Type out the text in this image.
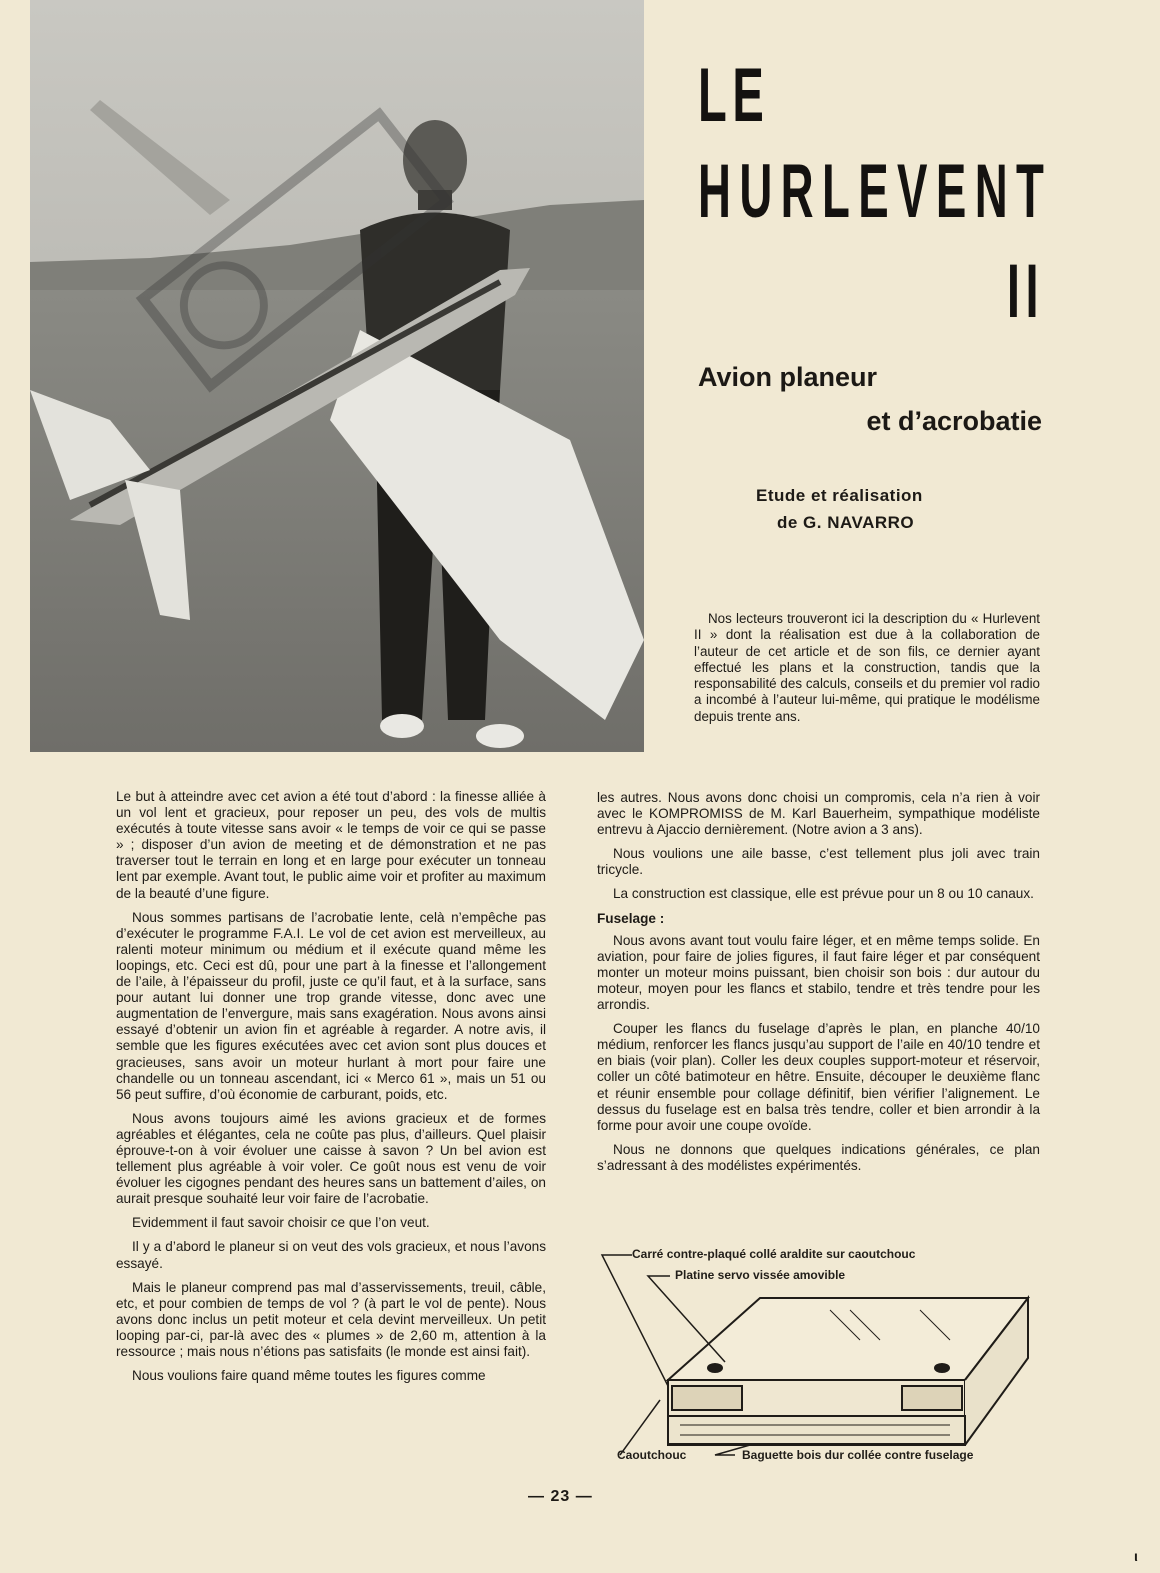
LE
HURLEVENT
II
Avion planeur
et d’acrobatie
Etude et réalisation
de G. NAVARRO
Nos lecteurs trouveront ici la description du « Hurlevent II » dont la réalisation est due à la collaboration de l’auteur de cet article et de son fils, ce dernier ayant effectué les plans et la construction, tandis que la responsabilité des calculs, conseils et du premier vol radio a incombé à l’auteur lui-même, qui pratique le modélisme depuis trente ans.

Le but à atteindre avec cet avion a été tout d’abord : la finesse alliée à un vol lent et gracieux, pour reposer un peu, des vols de multis exécutés à toute vitesse sans avoir « le temps de voir ce qui se passe » ; disposer d’un avion de meeting et de démonstration et ne pas traverser tout le terrain en long et en large pour exécuter un tonneau lent par exemple. Avant tout, le public aime voir et profiter au maximum de la beauté d’une figure.

Nous sommes partisans de l’acrobatie lente, celà n’empêche pas d’exécuter le programme F.A.I. Le vol de cet avion est merveilleux, au ralenti moteur minimum ou médium et il exécute quand même les loopings, etc. Ceci est dû, pour une part à la finesse et l’allongement de l’aile, à l’épaisseur du profil, juste ce qu’il faut, et à la surface, sans pour autant lui donner une trop grande vitesse, donc avec une augmentation de l’envergure, mais sans exagération. Nous avons ainsi essayé d’obtenir un avion fin et agréable à regarder. A notre avis, il semble que les figures exécutées avec cet avion sont plus douces et gracieuses, sans avoir un moteur hurlant à mort pour faire une chandelle ou un tonneau ascendant, ici « Merco 61 », mais un 51 ou 56 peut suffire, d’où économie de carburant, poids, etc.

Nous avons toujours aimé les avions gracieux et de formes agréables et élégantes, cela ne coûte pas plus, d’ailleurs. Quel plaisir éprouve-t-on à voir évoluer une caisse à savon ? Un bel avion est tellement plus agréable à voir voler. Ce goût nous est venu de voir évoluer les cigognes pendant des heures sans un battement d’ailes, on aurait presque souhaité leur voir faire de l’acrobatie.

Evidemment il faut savoir choisir ce que l’on veut.

Il y a d’abord le planeur si on veut des vols gracieux, et nous l’avons essayé.

Mais le planeur comprend pas mal d’asservissements, treuil, câble, etc, et pour combien de temps de vol ? (à part le vol de pente). Nous avons donc inclus un petit moteur et cela devint merveilleux. Un petit looping par-ci, par-là avec des « plumes » de 2,60 m, attention à la ressource ; mais nous n’étions pas satisfaits (le monde est ainsi fait).

Nous voulions faire quand même toutes les figures comme

les autres. Nous avons donc choisi un compromis, cela n’a rien à voir avec le KOMPROMISS de M. Karl Bauerheim, sympathique modéliste entrevu à Ajaccio dernièrement. (Notre avion a 3 ans).

Nous voulions une aile basse, c’est tellement plus joli avec train tricycle.

La construction est classique, elle est prévue pour un 8 ou 10 canaux.

Fuselage :

Nous avons avant tout voulu faire léger, et en même temps solide. En aviation, pour faire de jolies figures, il faut faire léger et par conséquent monter un moteur moins puissant, bien choisir son bois : dur autour du moteur, moyen pour les flancs et stabilo, tendre et très tendre pour les arrondis.

Couper les flancs du fuselage d’après le plan, en planche 40/10 médium, renforcer les flancs jusqu’au support de l’aile en 40/10 tendre et en biais (voir plan). Coller les deux couples support-moteur et réservoir, coller un côté batimoteur en hêtre. Ensuite, découper le deuxième flanc et réunir ensemble pour collage définitif, bien vérifier l’alignement. Le dessus du fuselage est en balsa très tendre, coller et bien arrondir à la forme pour avoir une coupe ovoïde.

Nous ne donnons que quelques indications générales, ce plan s’adressant à des modélistes expérimentés.

Carré contre-plaqué collé araldite sur caoutchouc
Platine servo vissée amovible
Caoutchouc	Baguette bois dur collée contre fuselage
— 23 —
ι
